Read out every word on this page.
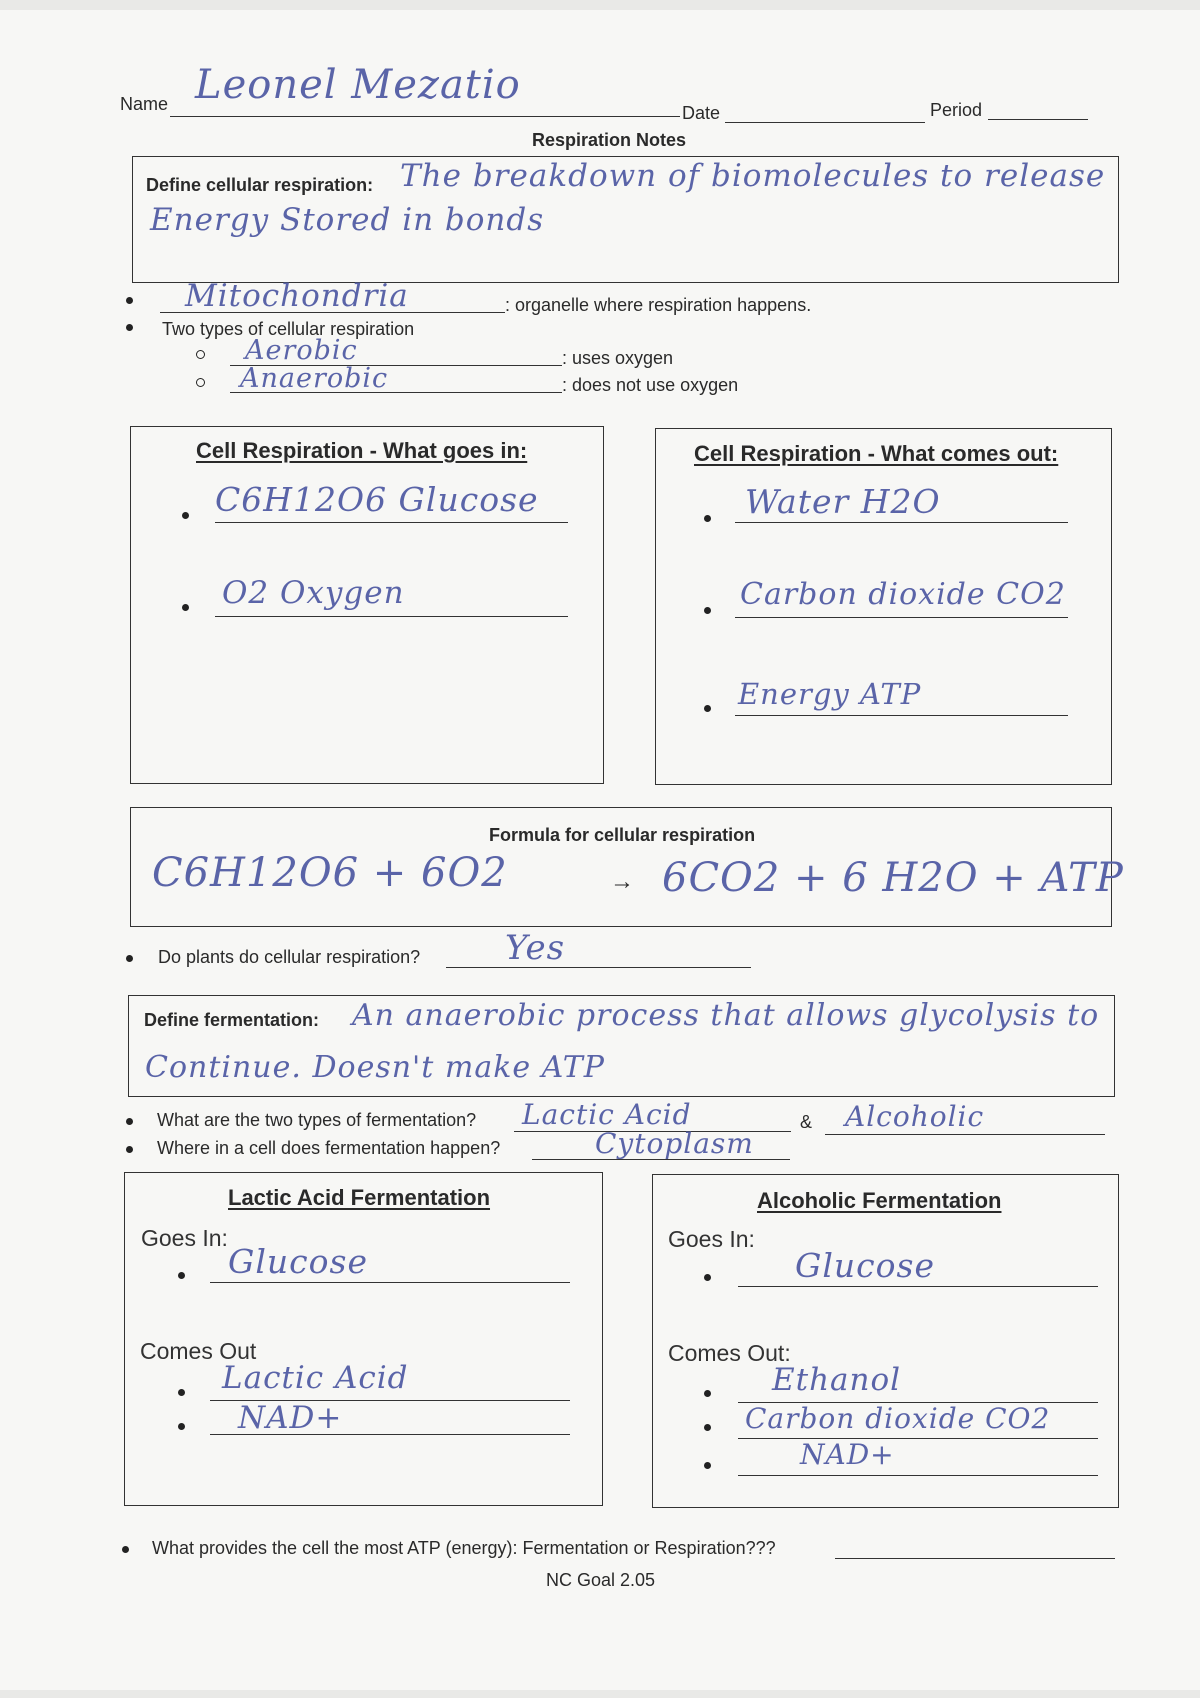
Name Leonel Mezatio
Date	Period
Respiration Notes
Define cellular respiration: The breakdown of biomolecules to release
Energy Stored in bonds
Mitochondria	: organelle where respiration happens.
Two types of cellular respiration
Aerobic	: uses oxygen
Anaerobic	: does not use oxygen
Cell Respiration - What goes in:
C6H12O6 Glucose
O2 Oxygen
Cell Respiration - What comes out:
Water H2O
Carbon dioxide CO2
Energy ATP
Formula for cellular respiration
C6H12O6 + 6O2	→ 6CO2 + 6 H2O + ATP
Do plants do cellular respiration? Yes
Define fermentation: An anaerobic process that allows glycolysis to
Continue. Doesn't make ATP
What are the two types of fermentation? Lactic Acid	& Alcoholic
Where in a cell does fermentation happen?	Cytoplasm
Lactic Acid Fermentation
Goes In:
Glucose
Comes Out
Lactic Acid
NAD+
Alcoholic Fermentation
Goes In:
Glucose
Comes Out:
Ethanol
Carbon dioxide CO2
NAD+
What provides the cell the most ATP (energy): Fermentation or Respiration???
NC Goal 2.05
